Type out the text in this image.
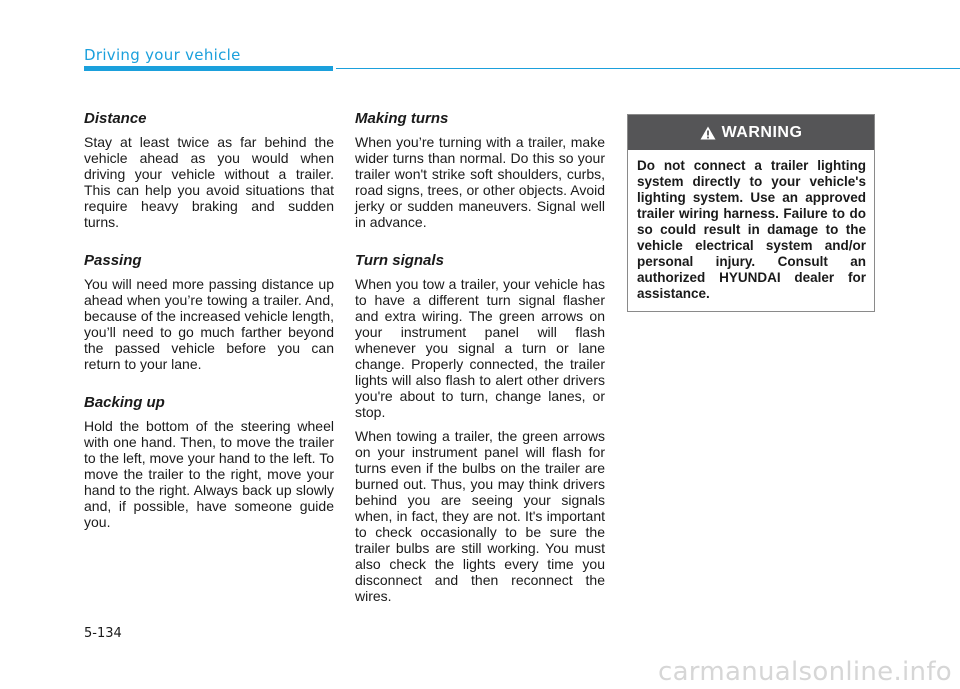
Driving your vehicle
Distance

Stay at least twice as far behind the vehicle ahead as you would when driving your vehicle without a trailer. This can help you avoid situations that require heavy braking and sudden turns.

Passing

You will need more passing distance up ahead when you’re towing a trailer. And, because of the increased vehicle length, you’ll need to go much farther beyond the passed vehicle before you can return to your lane.

Backing up

Hold the bottom of the steering wheel with one hand. Then, to move the trailer to the left, move your hand to the left. To move the trailer to the right, move your hand to the right. Always back up slowly and, if possible, have someone guide you.

Making turns

When you’re turning with a trailer, make wider turns than normal. Do this so your trailer won't strike soft shoulders, curbs, road signs, trees, or other objects. Avoid jerky or sudden maneuvers. Signal well in advance.

Turn signals

When you tow a trailer, your vehicle has to have a different turn signal flasher and extra wiring. The green arrows on your instrument panel will flash whenever you signal a turn or lane change. Properly connected, the trailer lights will also flash to alert other drivers you're about to turn, change lanes, or stop.

When towing a trailer, the green arrows on your instrument panel will flash for turns even if the bulbs on the trailer are burned out. Thus, you may think drivers behind you are seeing your signals when, in fact, they are not. It's important to check occasionally to be sure the trailer bulbs are still working. You must also check the lights every time you disconnect and then reconnect the wires.

WARNING
Do not connect a trailer lighting system directly to your vehicle's lighting system. Use an approved trailer wiring harness. Failure to do so could result in damage to the vehicle electrical system and/or personal injury. Consult an authorized HYUNDAI dealer for assistance.
5-134
carmanualsonline.info
